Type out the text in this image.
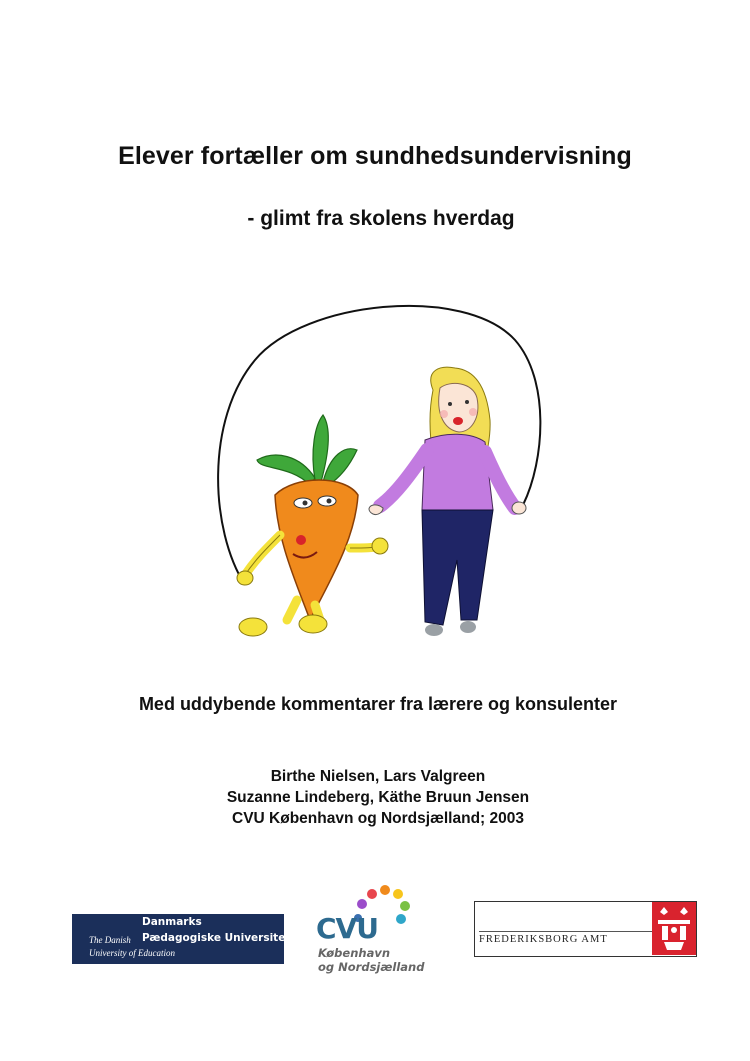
Elever fortæller om sundhedsundervisning
- glimt fra skolens hverdag
Med uddybende kommentarer fra lærere og konsulenter
Birthe Nielsen, Lars Valgreen
Suzanne Lindeberg, Käthe Bruun Jensen
CVU København og Nordsjælland; 2003
Danmarks
The Danish Pædagogiske Universitet
University of Education
CVU
København
og Nordsjælland
FREDERIKSBORG AMT
